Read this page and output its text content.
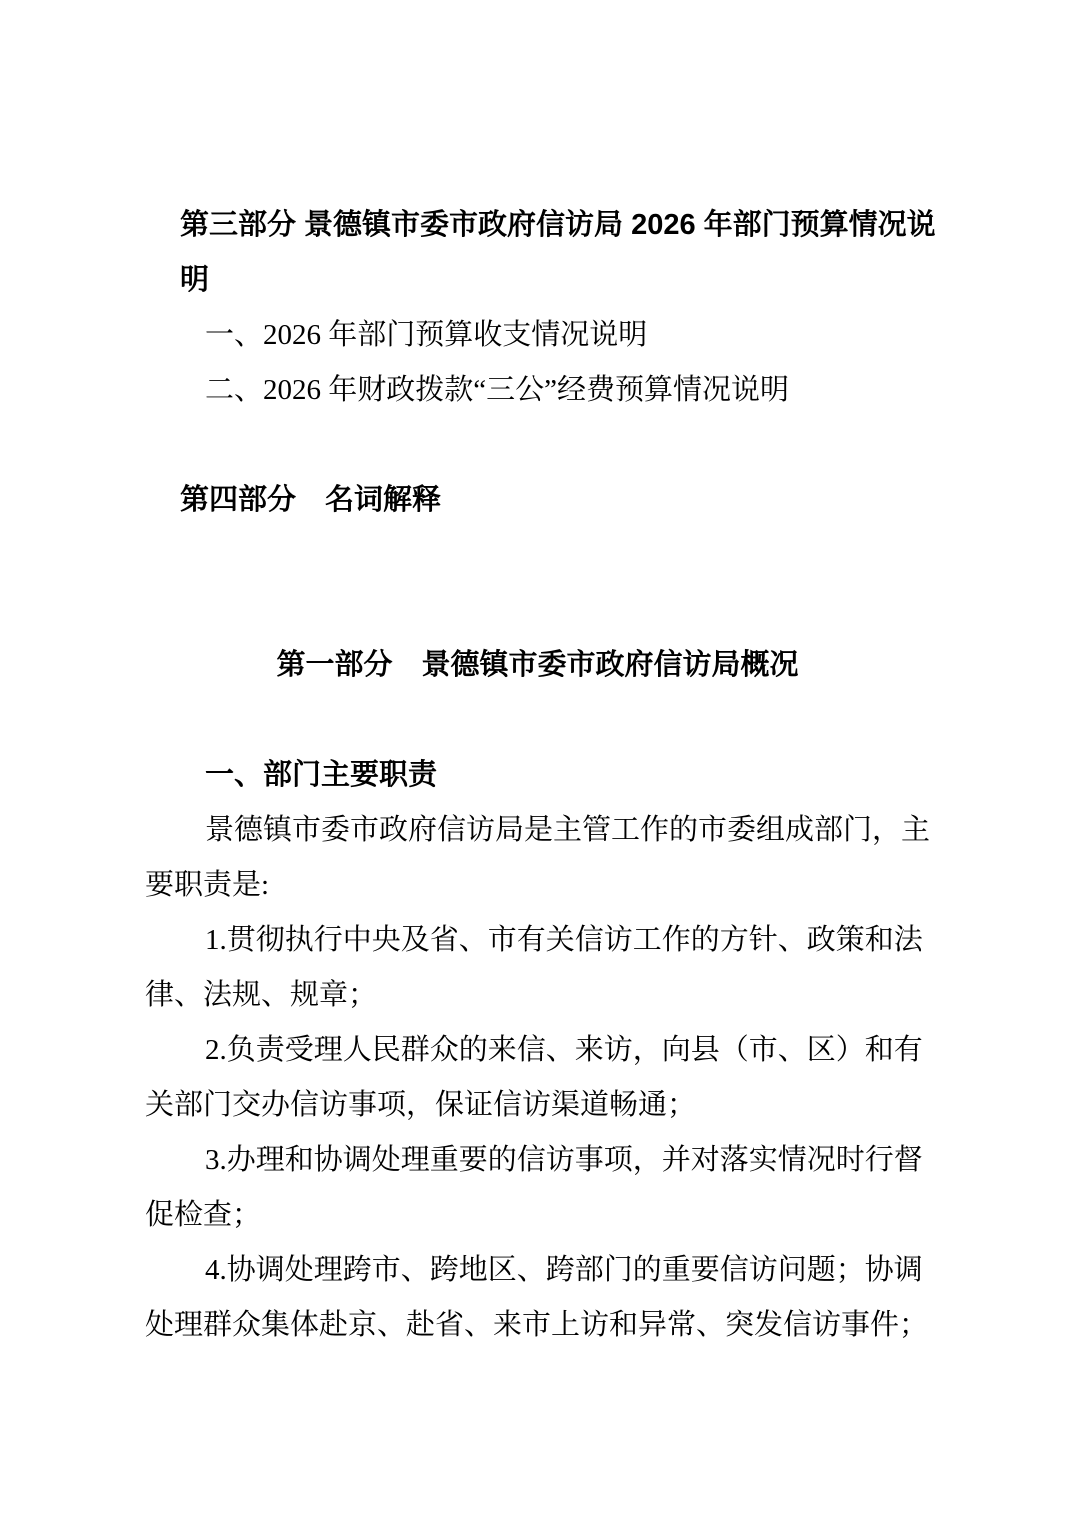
第三部分 景德镇市委市政府信访局 2026 年部门预算情况说
明
一、2026 年部门预算收支情况说明
二、2026 年财政拨款“三公”经费预算情况说明
第四部分　名词解释
第一部分　景德镇市委市政府信访局概况
一、部门主要职责
景德镇市委市政府信访局是主管工作的市委组成部门，主
要职责是:
1.贯彻执行中央及省、市有关信访工作的方针、政策和法
律、法规、规章；
2.负责受理人民群众的来信、来访，向县（市、区）和有
关部门交办信访事项，保证信访渠道畅通；
3.办理和协调处理重要的信访事项，并对落实情况时行督
促检查；
4.协调处理跨市、跨地区、跨部门的重要信访问题；协调
处理群众集体赴京、赴省、来市上访和异常、突发信访事件；
